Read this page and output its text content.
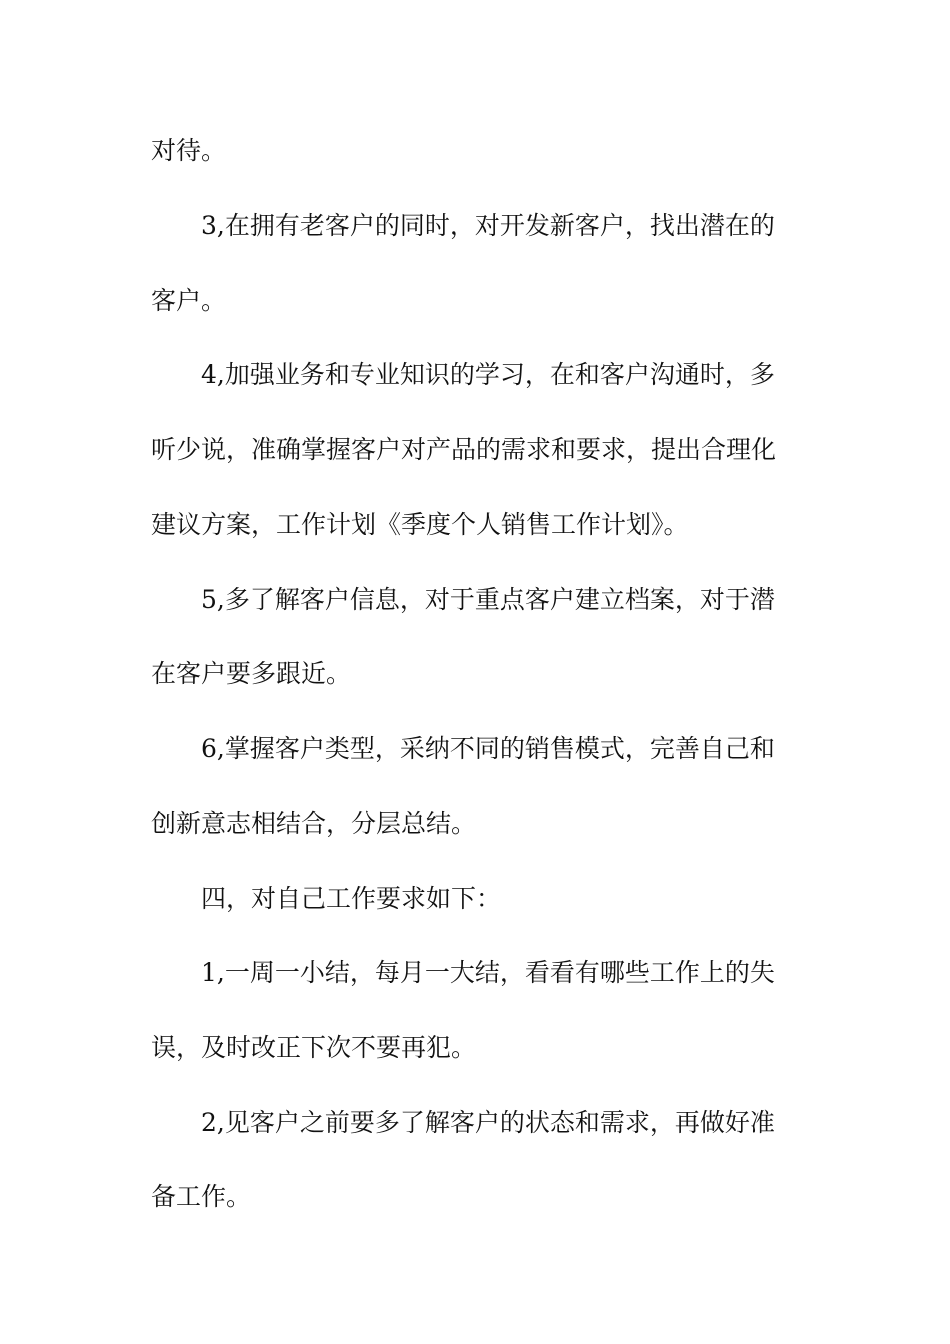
对待。
3,在拥有老客户的同时，对开发新客户，找出潜在的
客户。
4,加强业务和专业知识的学习，在和客户沟通时，多
听少说，准确掌握客户对产品的需求和要求，提出合理化
建议方案，工作计划《季度个人销售工作计划》。
5,多了解客户信息，对于重点客户建立档案，对于潜
在客户要多跟近。
6,掌握客户类型，采纳不同的销售模式，完善自己和
创新意志相结合，分层总结。
四，对自己工作要求如下：
1,一周一小结，每月一大结，看看有哪些工作上的失
误，及时改正下次不要再犯。
2,见客户之前要多了解客户的状态和需求，再做好准
备工作。
